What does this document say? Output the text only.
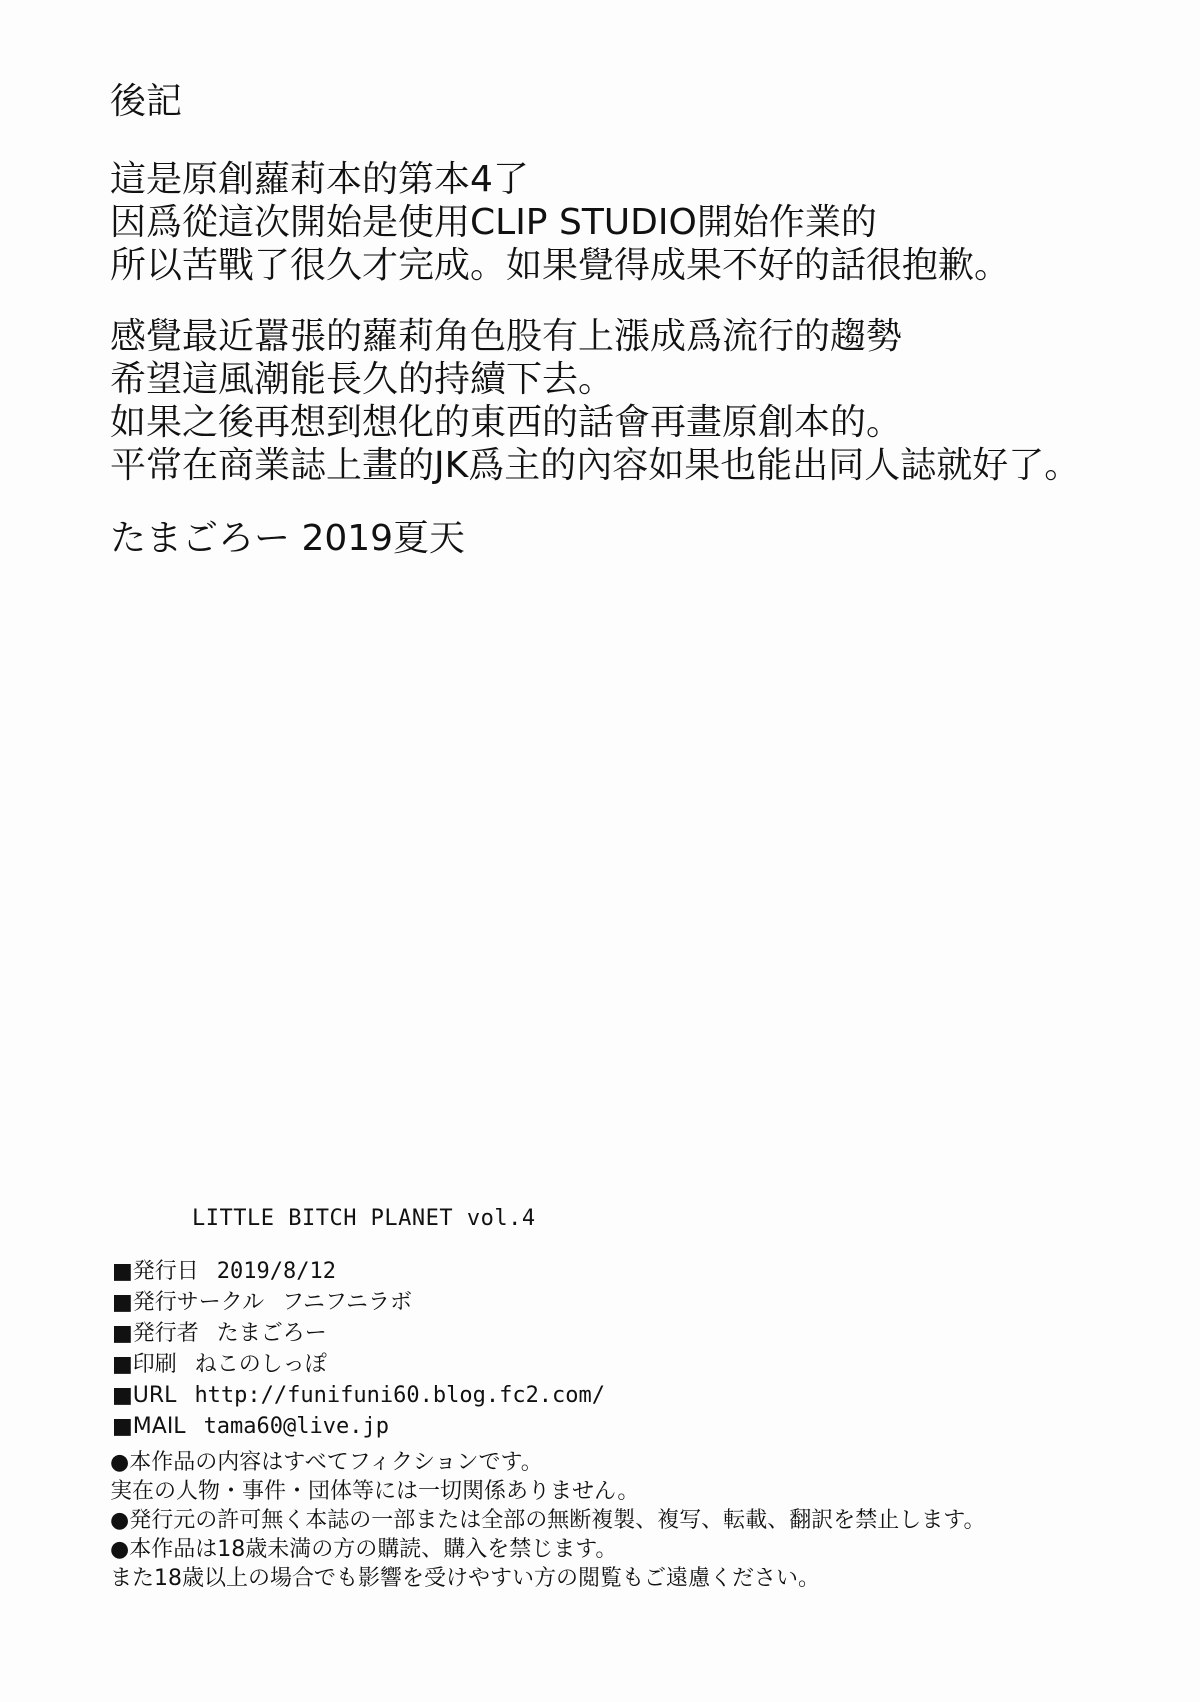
後記
這是原創蘿莉本的第本4了
因爲從這次開始是使用CLIP STUDIO開始作業的
所以苦戰了很久才完成。如果覺得成果不好的話很抱歉。
感覺最近囂張的蘿莉角色股有上漲成爲流行的趨勢
希望這風潮能長久的持續下去。
如果之後再想到想化的東西的話會再畫原創本的。
平常在商業誌上畫的JK爲主的內容如果也能出同人誌就好了。
たまごろー 2019夏天
LITTLE BITCH PLANET vol.4
■発行日 2019/8/12
■発行サークル フニフニラボ
■発行者 たまごろー
■印刷 ねこのしっぽ
■URL http://funifuni60.blog.fc2.com/
■MAIL tama60@live.jp
●本作品の内容はすべてフィクションです。
実在の人物・事件・団体等には一切関係ありません。
●発行元の許可無く本誌の一部または全部の無断複製、複写、転載、翻訳を禁止します。
●本作品は18歳未満の方の購読、購入を禁じます。
また18歳以上の場合でも影響を受けやすい方の閲覧もご遠慮ください。
